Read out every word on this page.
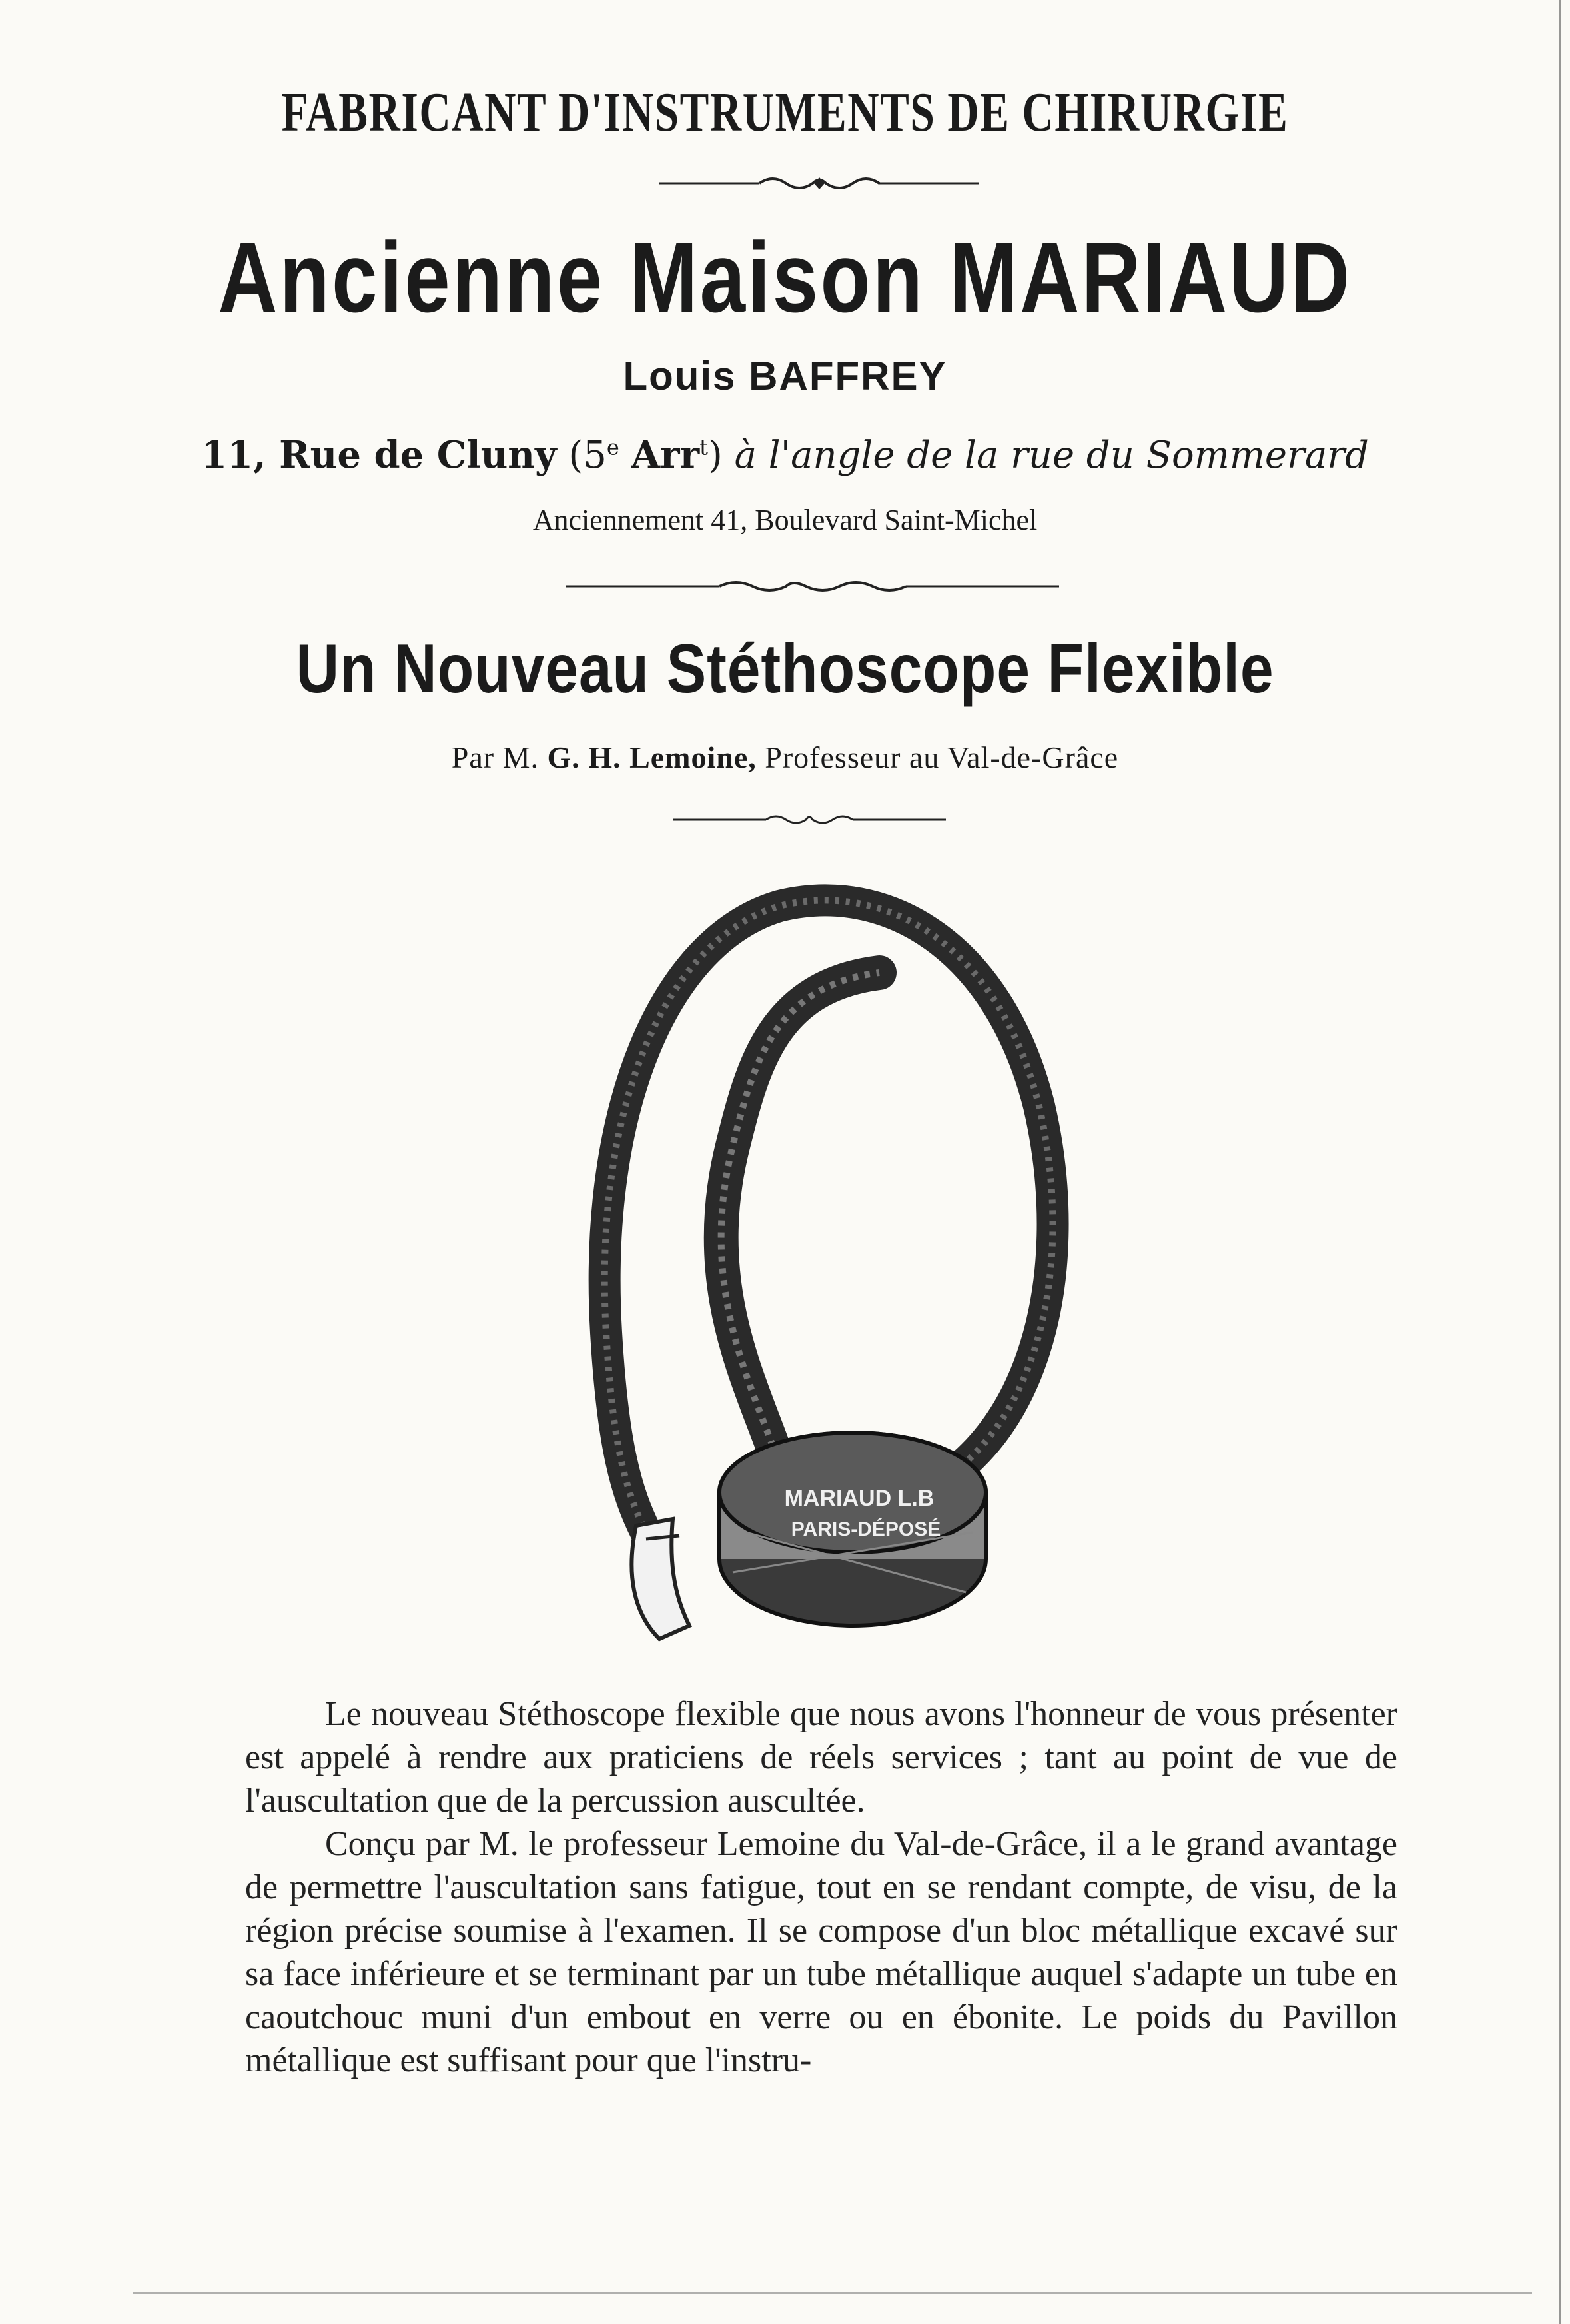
FABRICANT D'INSTRUMENTS DE CHIRURGIE
Ancienne Maison MARIAUD
Louis BAFFREY
11, Rue de Cluny (5e Arr$^t$) à l'angle de la rue du Sommerard
Anciennement 41, Boulevard Saint-Michel
Un Nouveau Stéthoscope Flexible
Par M. G. H. Lemoine, Professeur au Val-de-Grâce
MARIAUD L.B
PARIS-DÉPOSÉ

Le nouveau Stéthoscope flexible que nous avons l'honneur de vous présenter est appelé à rendre aux praticiens de réels services ; tant au point de vue de l'auscultation que de la percussion auscultée.

Conçu par M. le professeur Lemoine du Val-de-Grâce, il a le grand avantage de permettre l'auscultation sans fatigue, tout en se rendant compte, de visu, de la région précise soumise à l'examen. Il se compose d'un bloc métallique excavé sur sa face inférieure et se terminant par un tube métallique auquel s'adapte un tube en caoutchouc muni d'un embout en verre ou en ébonite. Le poids du Pavillon métallique est suffisant pour que l'instru-
